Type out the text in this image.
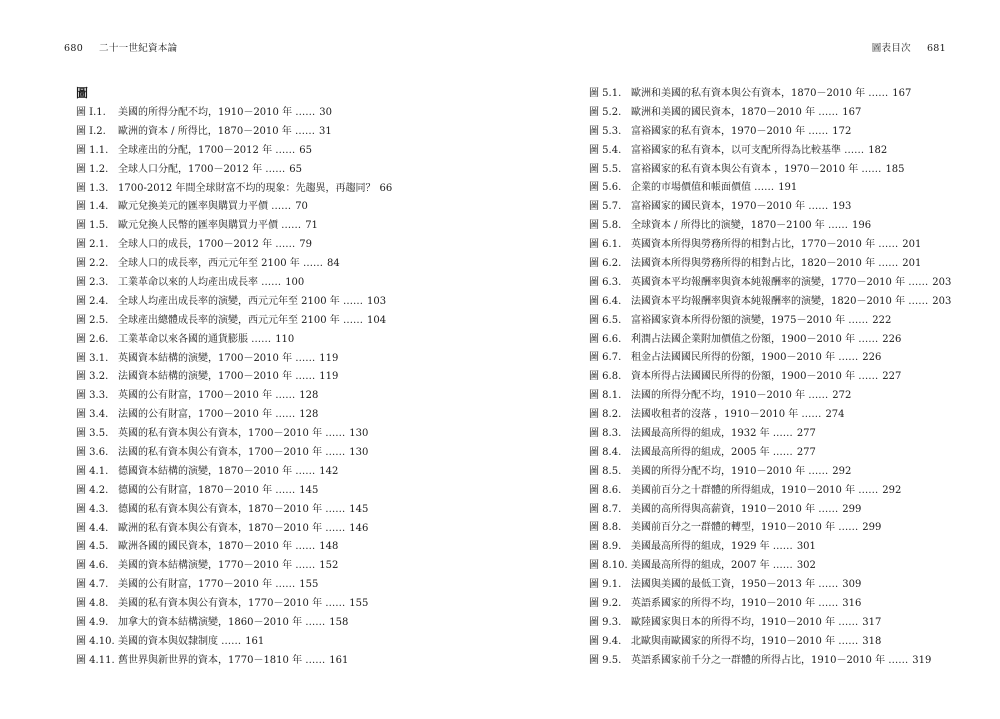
680 二十一世紀資本論
圖
圖 I.1. 美國的所得分配不均，1910－2010 年 …… 30
圖 I.2. 歐洲的資本 / 所得比，1870－2010 年 …… 31
圖 1.1. 全球產出的分配，1700－2012 年 …… 65
圖 1.2. 全球人口分配，1700－2012 年 …… 65
圖 1.3. 1700-2012 年間全球財富不均的現象：先趨異，再趨同？ 66
圖 1.4. 歐元兌換美元的匯率與購買力平價 …… 70
圖 1.5. 歐元兌換人民幣的匯率與購買力平價 …… 71
圖 2.1. 全球人口的成長，1700－2012 年 …… 79
圖 2.2. 全球人口的成長率，西元元年至 2100 年 …… 84
圖 2.3. 工業革命以來的人均產出成長率 …… 100
圖 2.4. 全球人均產出成長率的演變，西元元年至 2100 年 …… 103
圖 2.5. 全球產出總體成長率的演變，西元元年至 2100 年 …… 104
圖 2.6. 工業革命以來各國的通貨膨脹 …… 110
圖 3.1. 英國資本結構的演變，1700－2010 年 …… 119
圖 3.2. 法國資本結構的演變，1700－2010 年 …… 119
圖 3.3. 英國的公有財富，1700－2010 年 …… 128
圖 3.4. 法國的公有財富，1700－2010 年 …… 128
圖 3.5. 英國的私有資本與公有資本，1700－2010 年 …… 130
圖 3.6. 法國的私有資本與公有資本，1700－2010 年 …… 130
圖 4.1. 德國資本結構的演變，1870－2010 年 …… 142
圖 4.2. 德國的公有財富，1870－2010 年 …… 145
圖 4.3. 德國的私有資本與公有資本，1870－2010 年 …… 145
圖 4.4. 歐洲的私有資本與公有資本，1870－2010 年 …… 146
圖 4.5. 歐洲各國的國民資本，1870－2010 年 …… 148
圖 4.6. 美國的資本結構演變，1770－2010 年 …… 152
圖 4.7. 美國的公有財富，1770－2010 年 …… 155
圖 4.8. 美國的私有資本與公有資本，1770－2010 年 …… 155
圖 4.9. 加拿大的資本結構演變，1860－2010 年 …… 158
圖 4.10. 美國的資本與奴隸制度 …… 161
圖 4.11. 舊世界與新世界的資本，1770－1810 年 …… 161
圖表目次 681
圖 5.1. 歐洲和美國的私有資本與公有資本，1870－2010 年 …… 167
圖 5.2. 歐洲和美國的國民資本，1870－2010 年 …… 167
圖 5.3. 富裕國家的私有資本，1970－2010 年 …… 172
圖 5.4. 富裕國家的私有資本，以可支配所得為比較基準 …… 182
圖 5.5. 富裕國家的私有資本與公有資本 ，1970－2010 年 …… 185
圖 5.6. 企業的市場價值和帳面價值 …… 191
圖 5.7. 富裕國家的國民資本，1970－2010 年 …… 193
圖 5.8. 全球資本 / 所得比的演變，1870－2100 年 …… 196
圖 6.1. 英國資本所得與勞務所得的相對占比，1770－2010 年 …… 201
圖 6.2. 法國資本所得與勞務所得的相對占比，1820－2010 年 …… 201
圖 6.3. 英國資本平均報酬率與資本純報酬率的演變，1770－2010 年 …… 203
圖 6.4. 法國資本平均報酬率與資本純報酬率的演變，1820－2010 年 …… 203
圖 6.5. 富裕國家資本所得份額的演變，1975－2010 年 …… 222
圖 6.6. 利潤占法國企業附加價值之份額，1900－2010 年 …… 226
圖 6.7. 租金占法國國民所得的份額，1900－2010 年 …… 226
圖 6.8. 資本所得占法國國民所得的份額，1900－2010 年 …… 227
圖 8.1. 法國的所得分配不均，1910－2010 年 …… 272
圖 8.2. 法國收租者的沒落 ，1910－2010 年 …… 274
圖 8.3. 法國最高所得的組成，1932 年 …… 277
圖 8.4. 法國最高所得的組成，2005 年 …… 277
圖 8.5. 美國的所得分配不均，1910－2010 年 …… 292
圖 8.6. 美國前百分之十群體的所得組成，1910－2010 年 …… 292
圖 8.7. 美國的高所得與高薪資，1910－2010 年 …… 299
圖 8.8. 美國前百分之一群體的轉型，1910－2010 年 …… 299
圖 8.9. 美國最高所得的組成，1929 年 …… 301
圖 8.10. 美國最高所得的組成，2007 年 …… 302
圖 9.1. 法國與美國的最低工資，1950－2013 年 …… 309
圖 9.2. 英語系國家的所得不均，1910－2010 年 …… 316
圖 9.3. 歐陸國家與日本的所得不均，1910－2010 年 …… 317
圖 9.4. 北歐與南歐國家的所得不均，1910－2010 年 …… 318
圖 9.5. 英語系國家前千分之一群體的所得占比，1910－2010 年 …… 319
